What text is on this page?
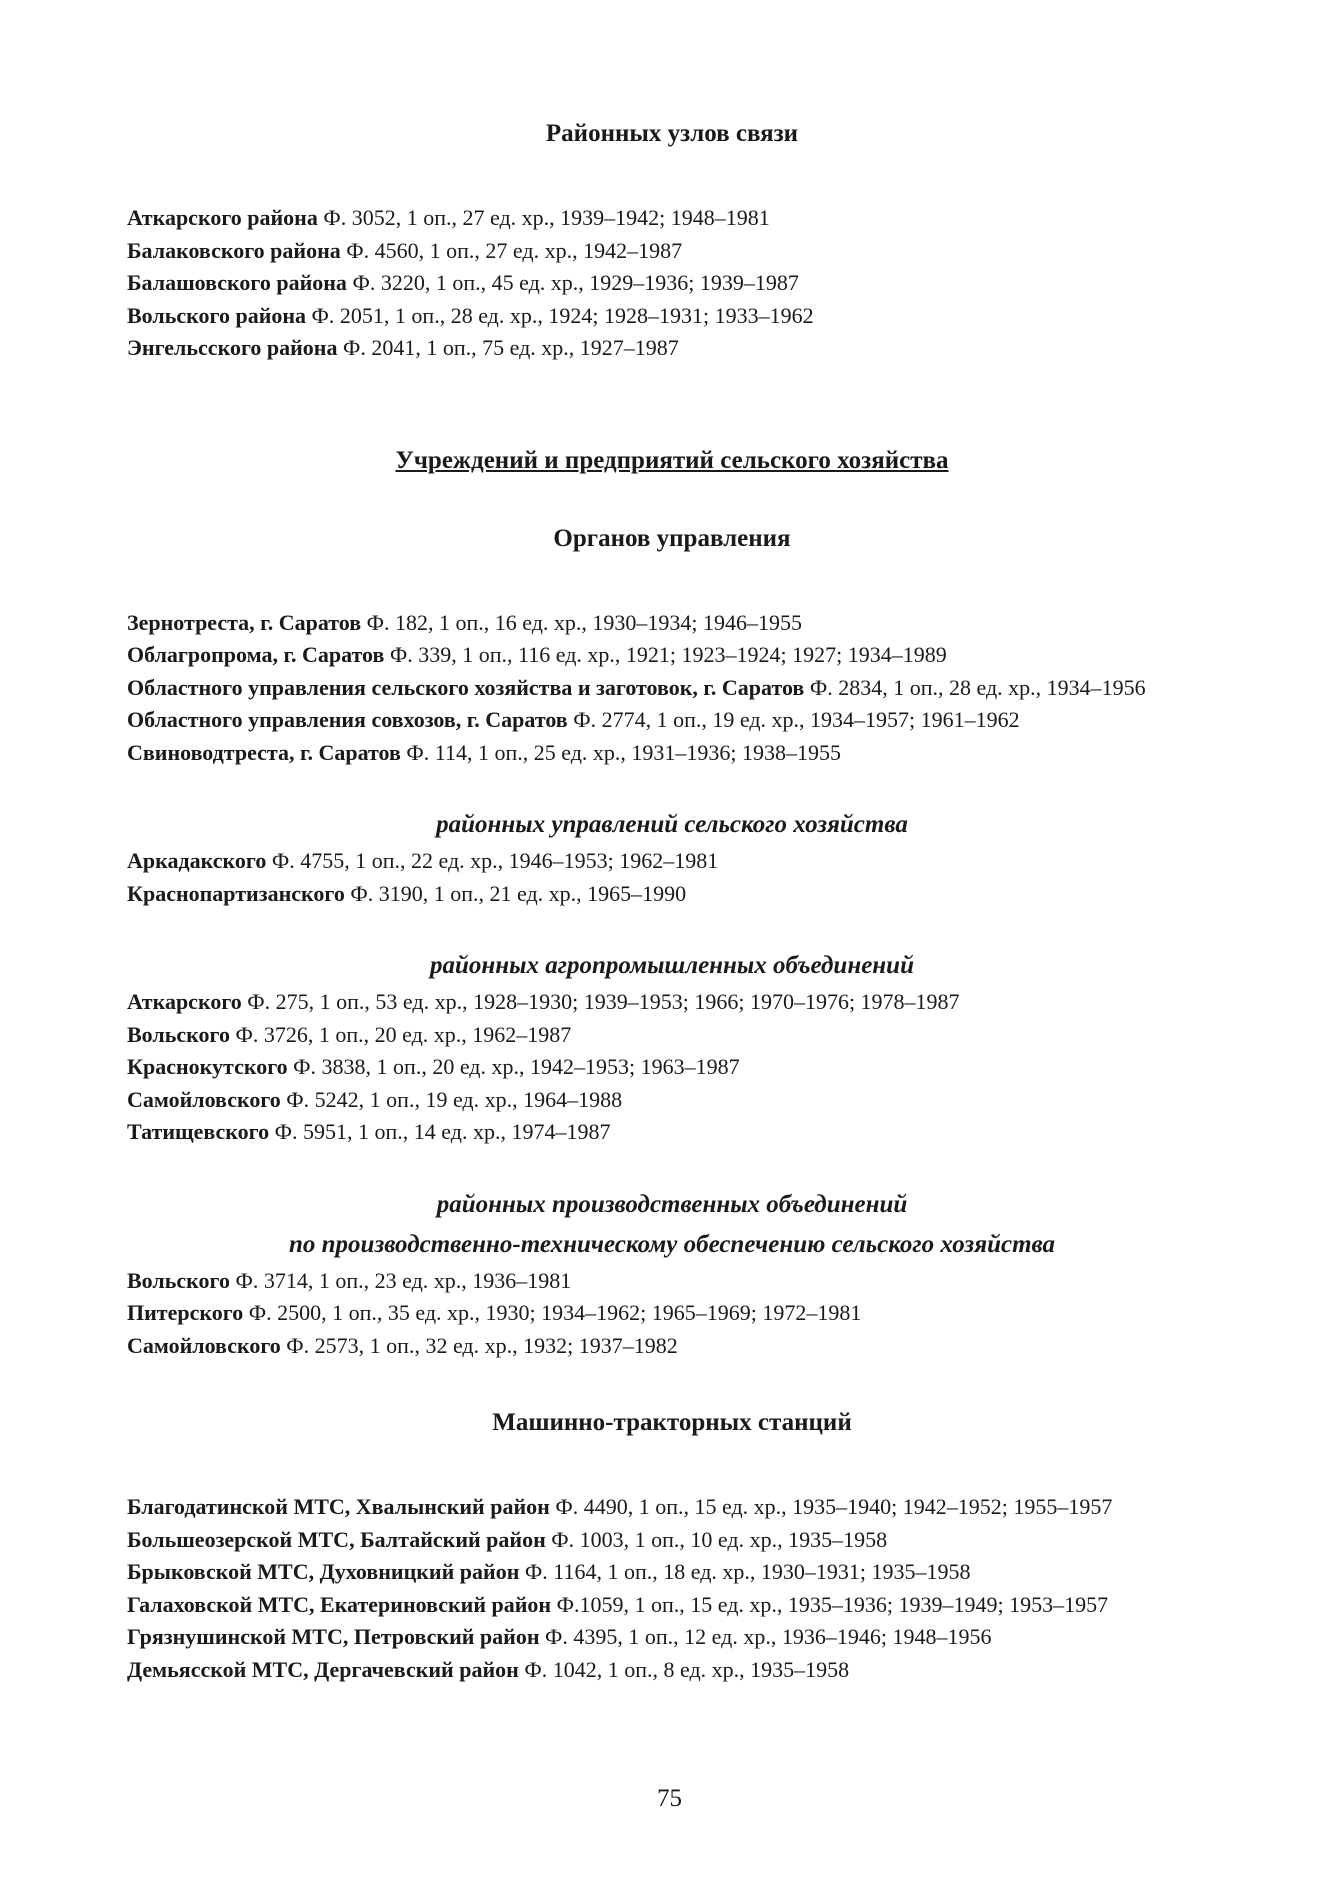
Районных узлов связи

Аткарского района Ф. 3052, 1 оп., 27 ед. хр., 1939–1942; 1948–1981

Балаковского района Ф. 4560, 1 оп., 27 ед. хр., 1942–1987

Балашовского района Ф. 3220, 1 оп., 45 ед. хр., 1929–1936; 1939–1987

Вольского района Ф. 2051, 1 оп., 28 ед. хр., 1924; 1928–1931; 1933–1962

Энгельсского района Ф. 2041, 1 оп., 75 ед. хр., 1927–1987

Учреждений и предприятий сельского хозяйства
Органов управления

Зернотреста, г. Саратов Ф. 182, 1 оп., 16 ед. хр., 1930–1934; 1946–1955

Облагропрома, г. Саратов Ф. 339, 1 оп., 116 ед. хр., 1921; 1923–1924; 1927; 1934–1989

Областного управления сельского хозяйства и заготовок, г. Саратов Ф. 2834, 1 оп., 28 ед. хр., 1934–1956

Областного управления совхозов, г. Саратов Ф. 2774, 1 оп., 19 ед. хр., 1934–1957; 1961–1962

Свиноводтреста, г. Саратов Ф. 114, 1 оп., 25 ед. хр., 1931–1936; 1938–1955

районных управлений сельского хозяйства

Аркадакского Ф. 4755, 1 оп., 22 ед. хр., 1946–1953; 1962–1981

Краснопартизанского Ф. 3190, 1 оп., 21 ед. хр., 1965–1990

районных агропромышленных объединений

Аткарского Ф. 275, 1 оп., 53 ед. хр., 1928–1930; 1939–1953; 1966; 1970–1976; 1978–1987

Вольского Ф. 3726, 1 оп., 20 ед. хр., 1962–1987

Краснокутского Ф. 3838, 1 оп., 20 ед. хр., 1942–1953; 1963–1987

Самойловского Ф. 5242, 1 оп., 19 ед. хр., 1964–1988

Татищевского Ф. 5951, 1 оп., 14 ед. хр., 1974–1987

районных производственных объединений
по производственно-техническому обеспечению сельского хозяйства

Вольского Ф. 3714, 1 оп., 23 ед. хр., 1936–1981

Питерского Ф. 2500, 1 оп., 35 ед. хр., 1930; 1934–1962; 1965–1969; 1972–1981

Самойловского Ф. 2573, 1 оп., 32 ед. хр., 1932; 1937–1982

Машинно-тракторных станций

Благодатинской МТС, Хвалынский район Ф. 4490, 1 оп., 15 ед. хр., 1935–1940; 1942–1952; 1955–1957

Большеозерской МТС, Балтайский район Ф. 1003, 1 оп., 10 ед. хр., 1935–1958

Брыковской МТС, Духовницкий район Ф. 1164, 1 оп., 18 ед. хр., 1930–1931; 1935–1958

Галаховской МТС, Екатериновский район Ф.1059, 1 оп., 15 ед. хр., 1935–1936; 1939–1949; 1953–1957

Грязнушинской МТС, Петровский район Ф. 4395, 1 оп., 12 ед. хр., 1936–1946; 1948–1956

Демьясской МТС, Дергачевский район Ф. 1042, 1 оп., 8 ед. хр., 1935–1958

75
